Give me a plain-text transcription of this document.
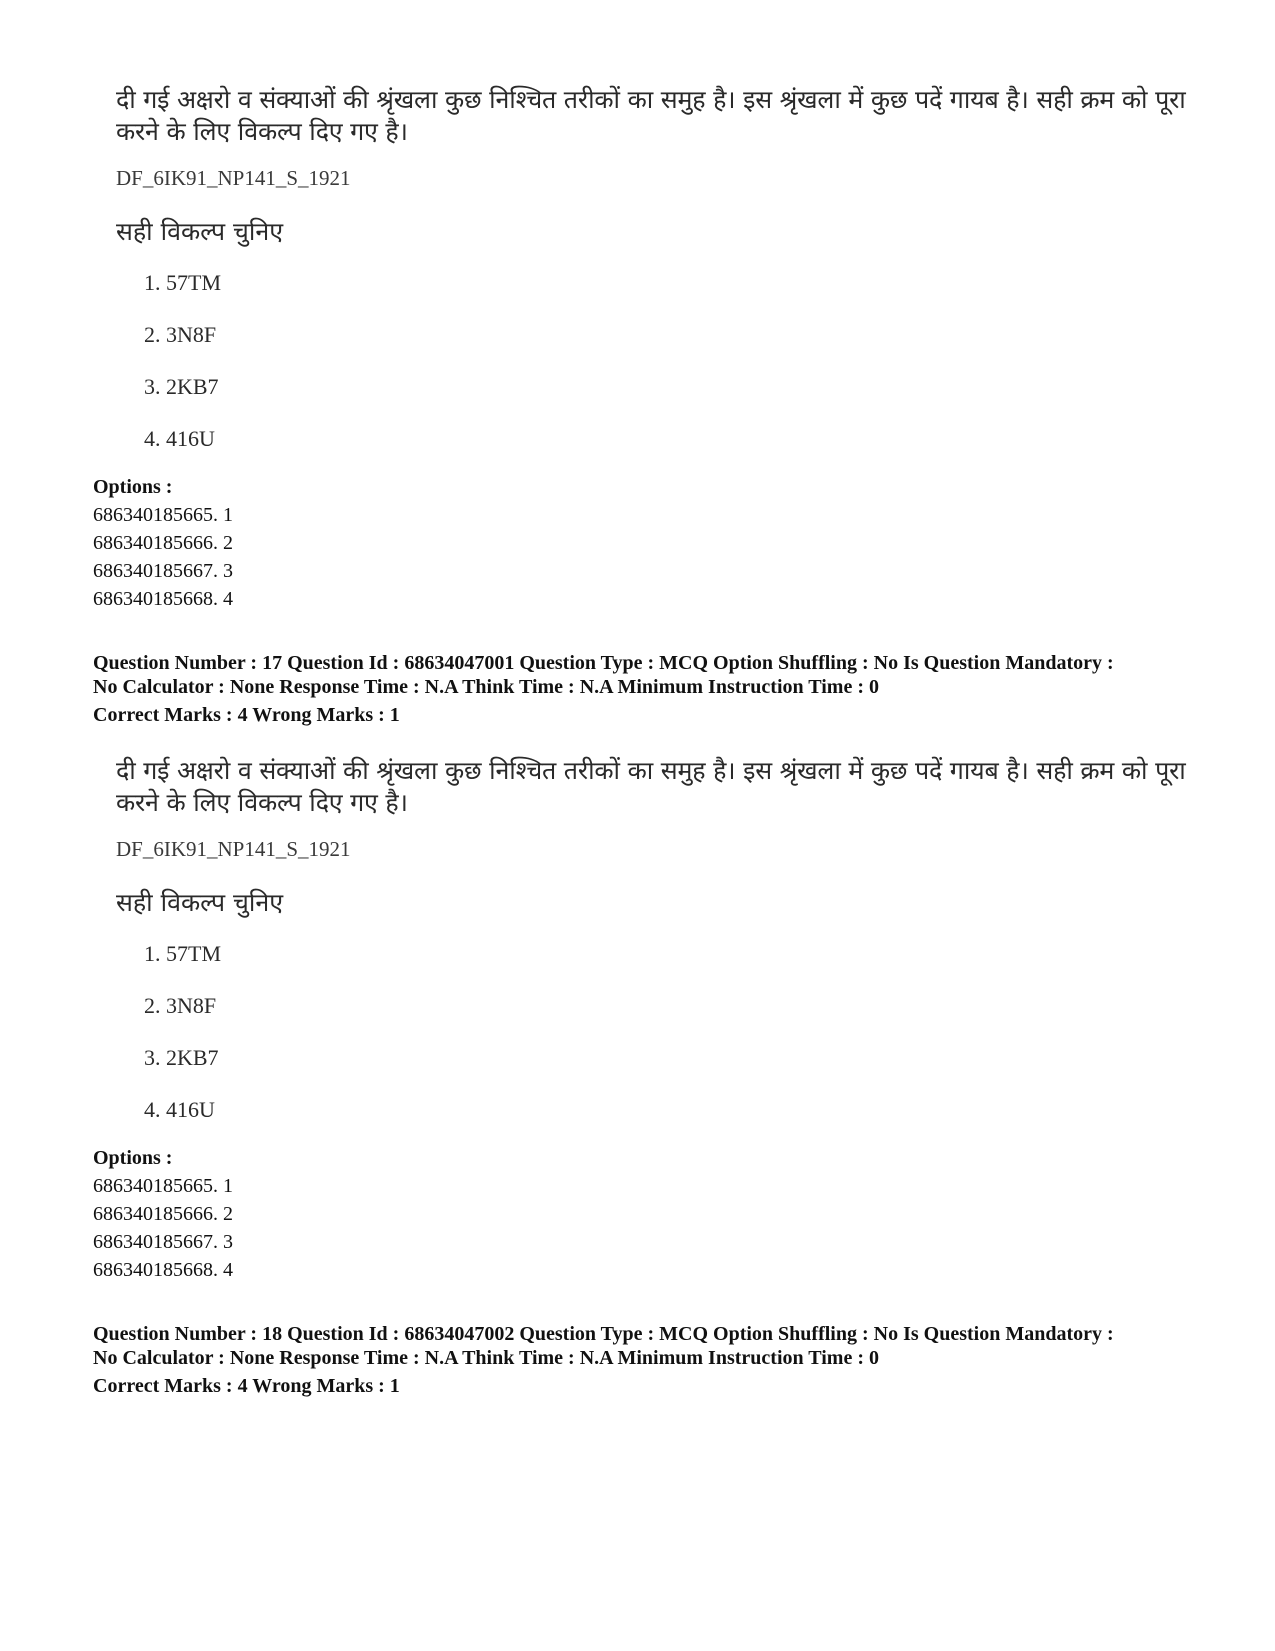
दी गई अक्षरो व संक्याओं की श्रृंखला कुछ निश्चित तरीकों का समुह है। इस श्रृंखला में कुछ पदें गायब है। सही क्रम को पूरा करने के लिए विकल्प दिए गए है।

DF_6IK91_NP141_S_1921
सही विकल्प चुनिए
1. 57TM
2. 3N8F
3. 2KB7
4. 416U
Options :
686340185665. 1
686340185666. 2
686340185667. 3
686340185668. 4
Question Number : 17 Question Id : 68634047001 Question Type : MCQ Option Shuffling : No Is Question Mandatory :
No Calculator : None Response Time : N.A Think Time : N.A Minimum Instruction Time : 0
Correct Marks : 4 Wrong Marks : 1

दी गई अक्षरो व संक्याओं की श्रृंखला कुछ निश्चित तरीकों का समुह है। इस श्रृंखला में कुछ पदें गायब है। सही क्रम को पूरा करने के लिए विकल्प दिए गए है।

DF_6IK91_NP141_S_1921
सही विकल्प चुनिए
1. 57TM
2. 3N8F
3. 2KB7
4. 416U
Options :
686340185665. 1
686340185666. 2
686340185667. 3
686340185668. 4
Question Number : 18 Question Id : 68634047002 Question Type : MCQ Option Shuffling : No Is Question Mandatory :
No Calculator : None Response Time : N.A Think Time : N.A Minimum Instruction Time : 0
Correct Marks : 4 Wrong Marks : 1
